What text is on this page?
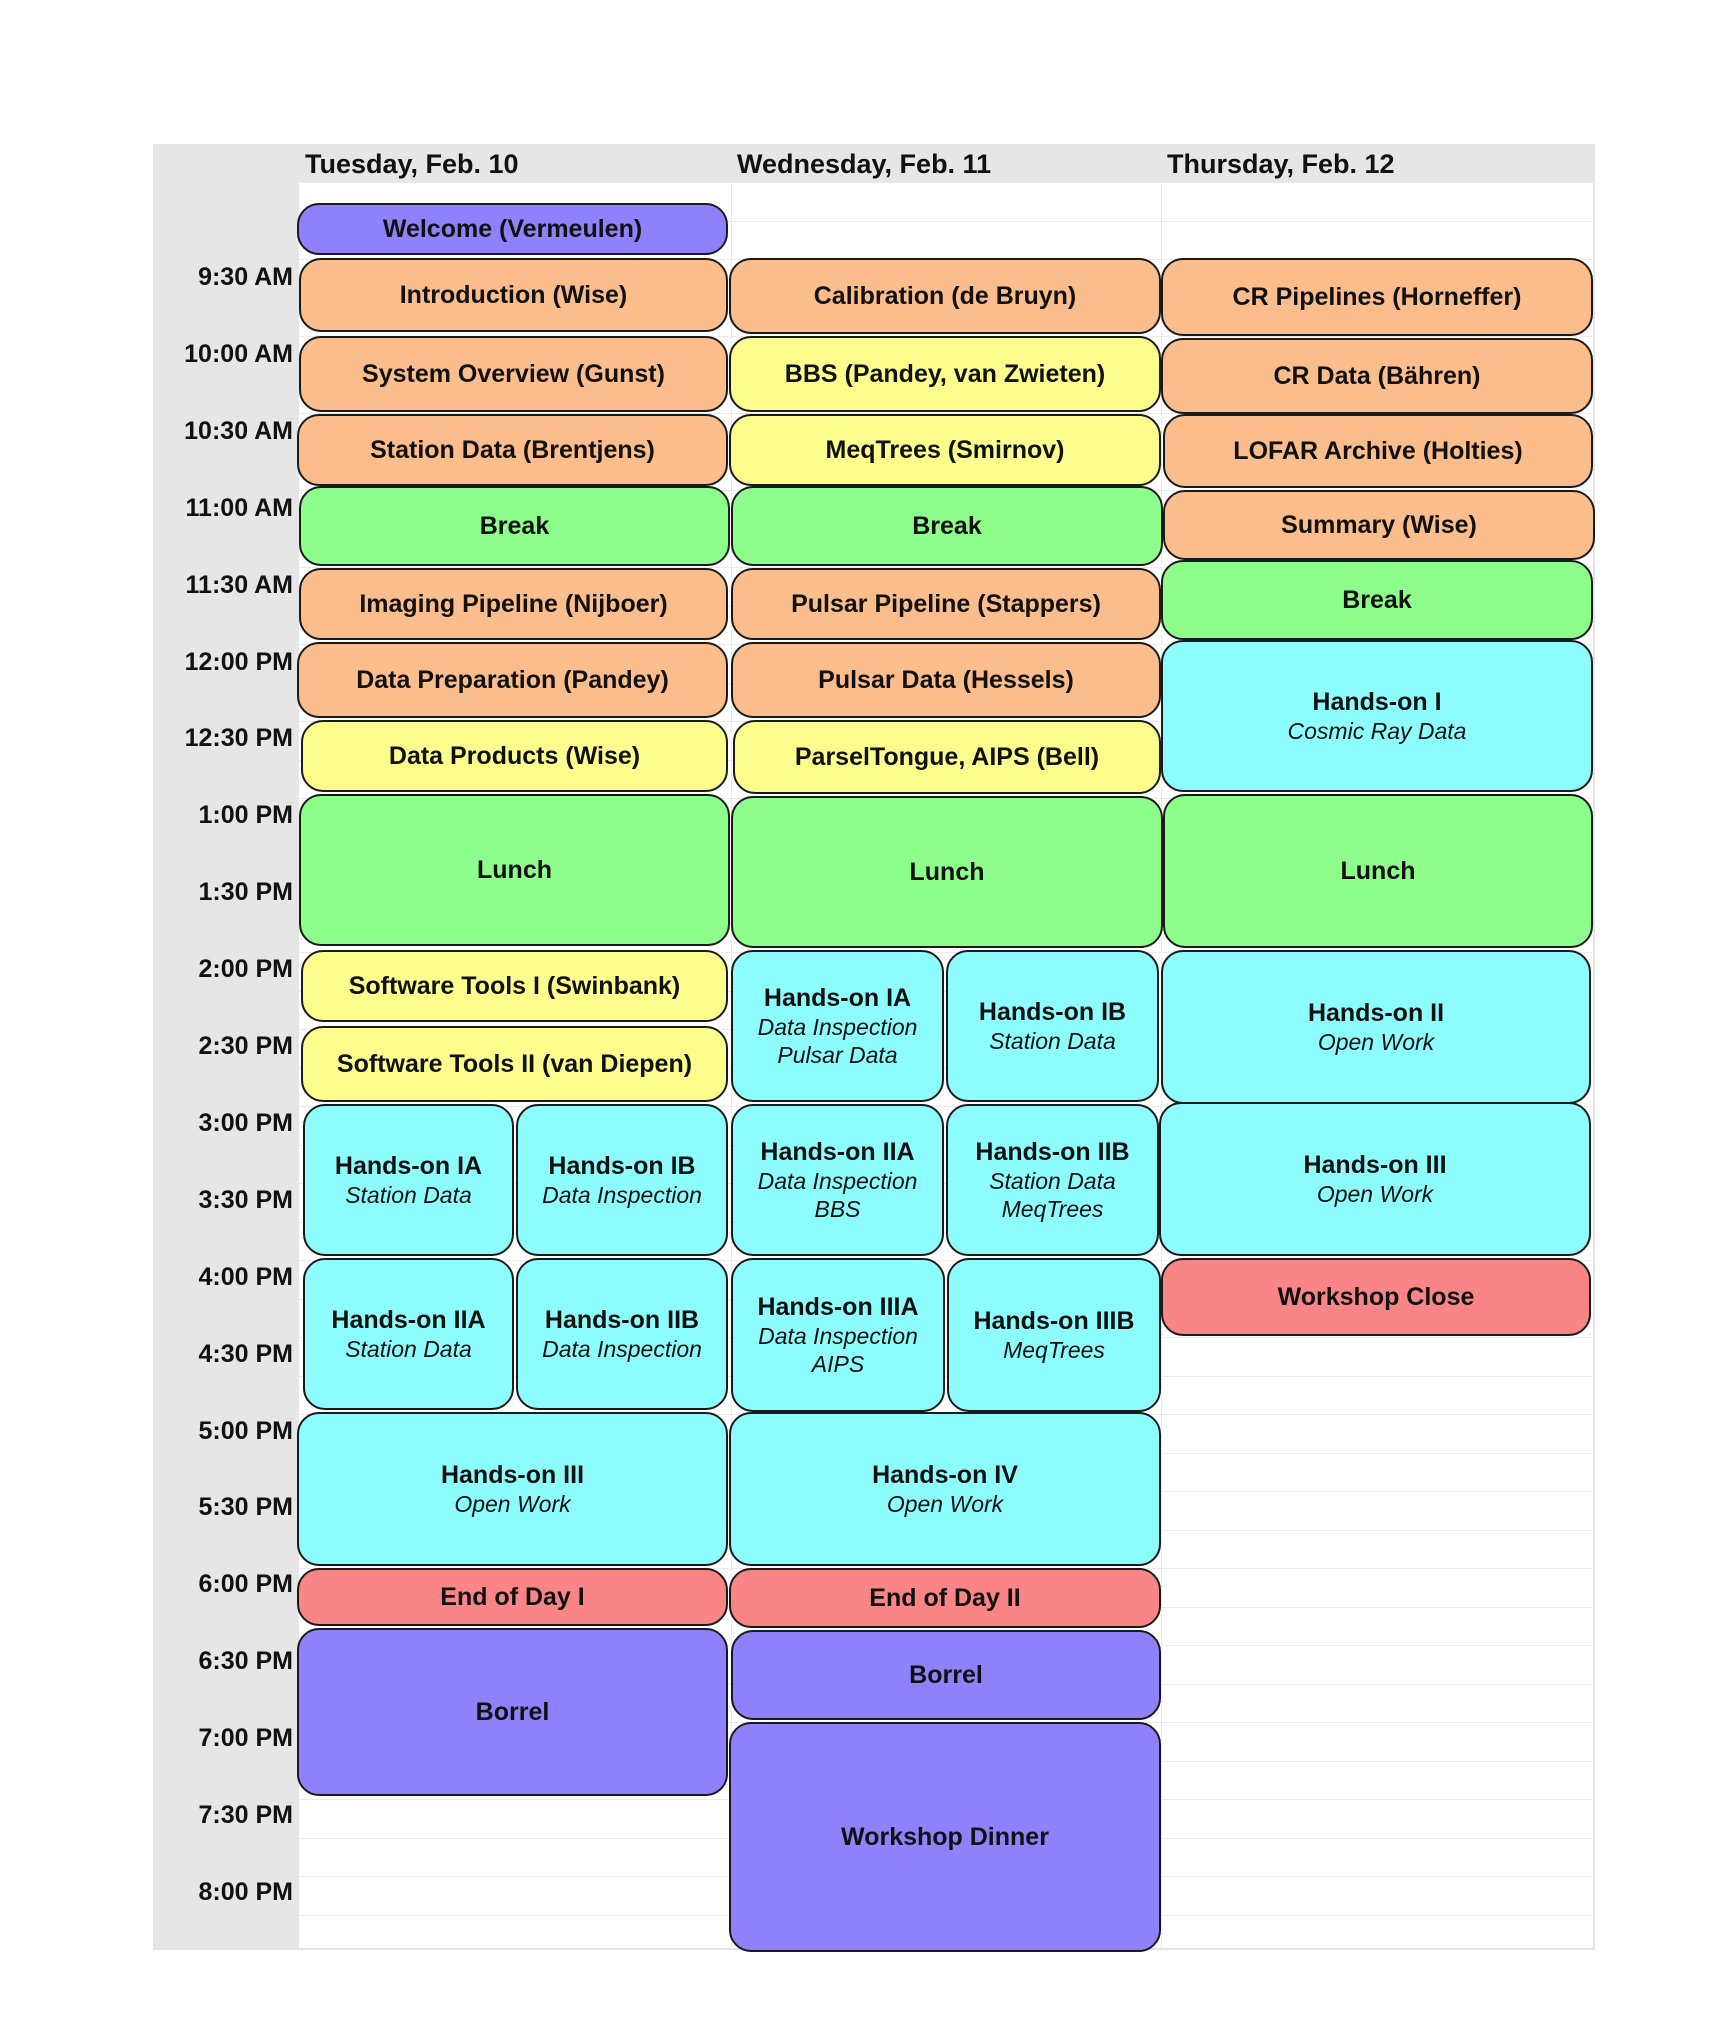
Tuesday, Feb. 10	Wednesday, Feb. 11	Thursday, Feb. 12
9:30 AM
10:00 AM
10:30 AM
11:00 AM
11:30 AM
12:00 PM
12:30 PM
1:00 PM
1:30 PM
2:00 PM
2:30 PM
3:00 PM
3:30 PM
4:00 PM
4:30 PM
5:00 PM
5:30 PM
6:00 PM
6:30 PM
7:00 PM
7:30 PM
8:00 PM
Welcome (Vermeulen)
Introduction (Wise)
System Overview (Gunst)
Station Data (Brentjens)
Break
Imaging Pipeline (Nijboer)
Data Preparation (Pandey)
Data Products (Wise)
Lunch
Software Tools I (Swinbank)
Software Tools II (van Diepen)
Hands-on IA
Station Data
Hands-on IB
Data Inspection
Hands-on IIA
Station Data
Hands-on IIB
Data Inspection
Hands-on III
Open Work
End of Day I
Borrel
Calibration (de Bruyn)
BBS (Pandey, van Zwieten)
MeqTrees (Smirnov)
Break
Pulsar Pipeline (Stappers)
Pulsar Data (Hessels)
ParselTongue, AIPS (Bell)
Lunch
Hands-on IA
Data Inspection
Pulsar Data
Hands-on IB
Station Data
Hands-on IIA
Data Inspection
BBS
Hands-on IIB
Station Data
MeqTrees
Hands-on IIIA
Data Inspection
AIPS
Hands-on IIIB
MeqTrees
Hands-on IV
Open Work
End of Day II
Borrel
Workshop Dinner
CR Pipelines (Horneffer)
CR Data (Bähren)
LOFAR Archive (Holties)
Summary (Wise)
Break
Hands-on I
Cosmic Ray Data
Lunch
Hands-on II
Open Work
Hands-on III
Open Work
Workshop Close
